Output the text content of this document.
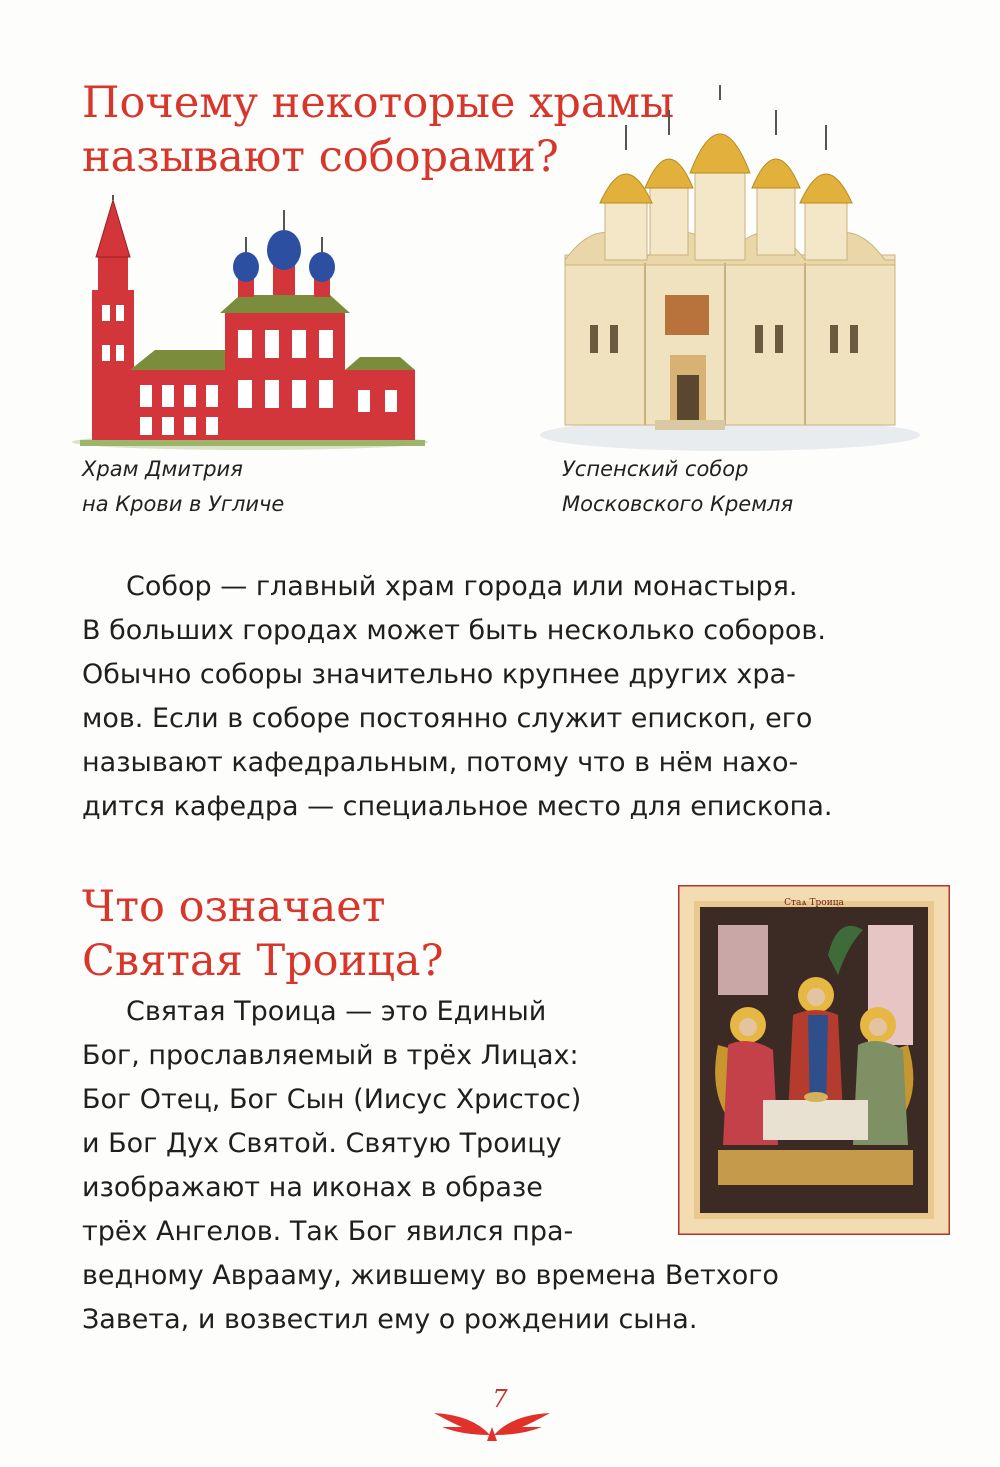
Почему некоторые храмы
называют соборами?

Храм Дмитрия
на Крови в Угличе

Успенский собор
Московского Кремля

Собор — главный храм города или монастыря.
В больших городах может быть несколько соборов.
Обычно соборы значительно крупнее других хра-
мов. Если в соборе постоянно служит епископ, его
называют кафедральным, потому что в нём нахо-
дится кафедра — специальное место для епископа.
Что означает
Святая Троица?
Стаѧ Троица
Святая Троица — это Единый
Бог, прославляемый в трёх Лицах:
Бог Отец, Бог Сын (Иисус Христос)
и Бог Дух Святой. Святую Троицу
изображают на иконах в образе
трёх Ангелов. Так Бог явился пра-
ведному Аврааму, жившему во времена Ветхого
Завета, и возвестил ему о рождении сына.

7
